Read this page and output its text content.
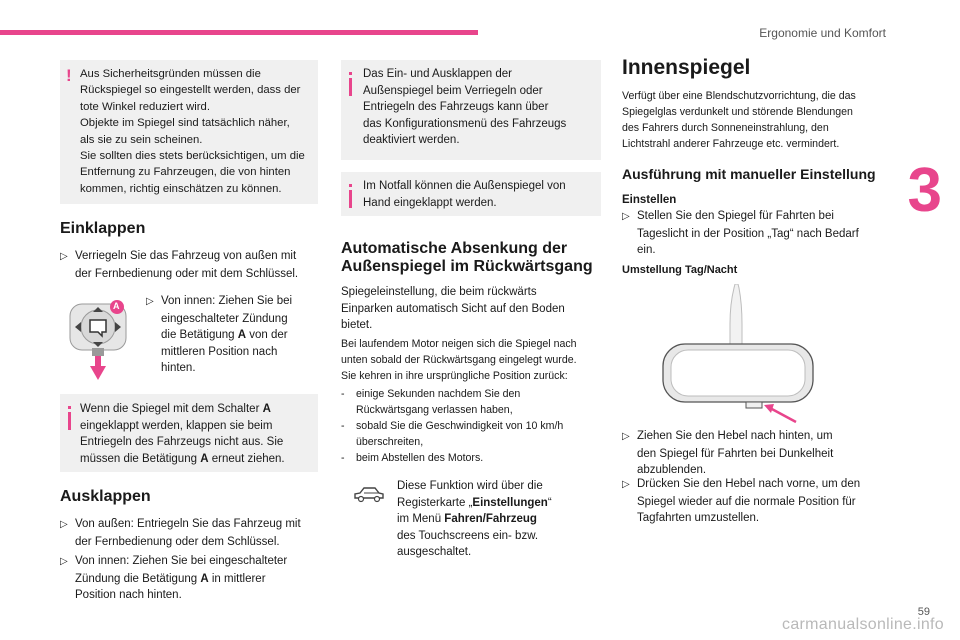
Ergonomie und Komfort
3
59
carmanualsonline.info
! Aus Sicherheitsgründen müssen die
Rückspiegel so eingestellt werden, dass der
tote Winkel reduziert wird.
Objekte im Spiegel sind tatsächlich näher,
als sie zu sein scheinen.
Sie sollten dies stets berücksichtigen, um die
Entfernung zu Fahrzeugen, die von hinten
kommen, richtig einschätzen zu können.
Einklappen
▷ Verriegeln Sie das Fahrzeug von außen mit
der Fernbedienung oder mit dem Schlüssel.
A	▷ Von innen: Ziehen Sie bei
eingeschalteter Zündung
die Betätigung A von der
mittleren Position nach
hinten.
Wenn die Spiegel mit dem Schalter A
eingeklappt werden, klappen sie beim
Entriegeln des Fahrzeugs nicht aus. Sie
müssen die Betätigung A erneut ziehen.
Ausklappen
▷ Von außen: Entriegeln Sie das Fahrzeug mit
der Fernbedienung oder dem Schlüssel.
▷ Von innen: Ziehen Sie bei eingeschalteter
Zündung die Betätigung A in mittlerer
Position nach hinten.
Das Ein- und Ausklappen der
Außenspiegel beim Verriegeln oder
Entriegeln des Fahrzeugs kann über
das Konfigurationsmenü des Fahrzeugs
deaktiviert werden.
Im Notfall können die Außenspiegel von
Hand eingeklappt werden.
Automatische Absenkung der
Außenspiegel im Rückwärtsgang
Spiegeleinstellung, die beim rückwärts
Einparken automatisch Sicht auf den Boden
bietet.
Bei laufendem Motor neigen sich die Spiegel nach
unten sobald der Rückwärtsgang eingelegt wurde.
Sie kehren in ihre ursprüngliche Position zurück:
- einige Sekunden nachdem Sie den
Rückwärtsgang verlassen haben,
- sobald Sie die Geschwindigkeit von 10 km/h
überschreiten,
- beim Abstellen des Motors.
Diese Funktion wird über die
Registerkarte „Einstellungen“
im Menü Fahren/Fahrzeug
des Touchscreens ein- bzw.
ausgeschaltet.
Innenspiegel
Verfügt über eine Blendschutzvorrichtung, die das
Spiegelglas verdunkelt und störende Blendungen
des Fahrers durch Sonneneinstrahlung, den
Lichtstrahl anderer Fahrzeuge etc. vermindert.
Ausführung mit manueller Einstellung
Einstellen
▷ Stellen Sie den Spiegel für Fahrten bei
Tageslicht in der Position „Tag“ nach Bedarf
ein.
Umstellung Tag/Nacht
▷ Ziehen Sie den Hebel nach hinten, um
den Spiegel für Fahrten bei Dunkelheit
abzublenden.
▷ Drücken Sie den Hebel nach vorne, um den
Spiegel wieder auf die normale Position für
Tagfahrten umzustellen.
